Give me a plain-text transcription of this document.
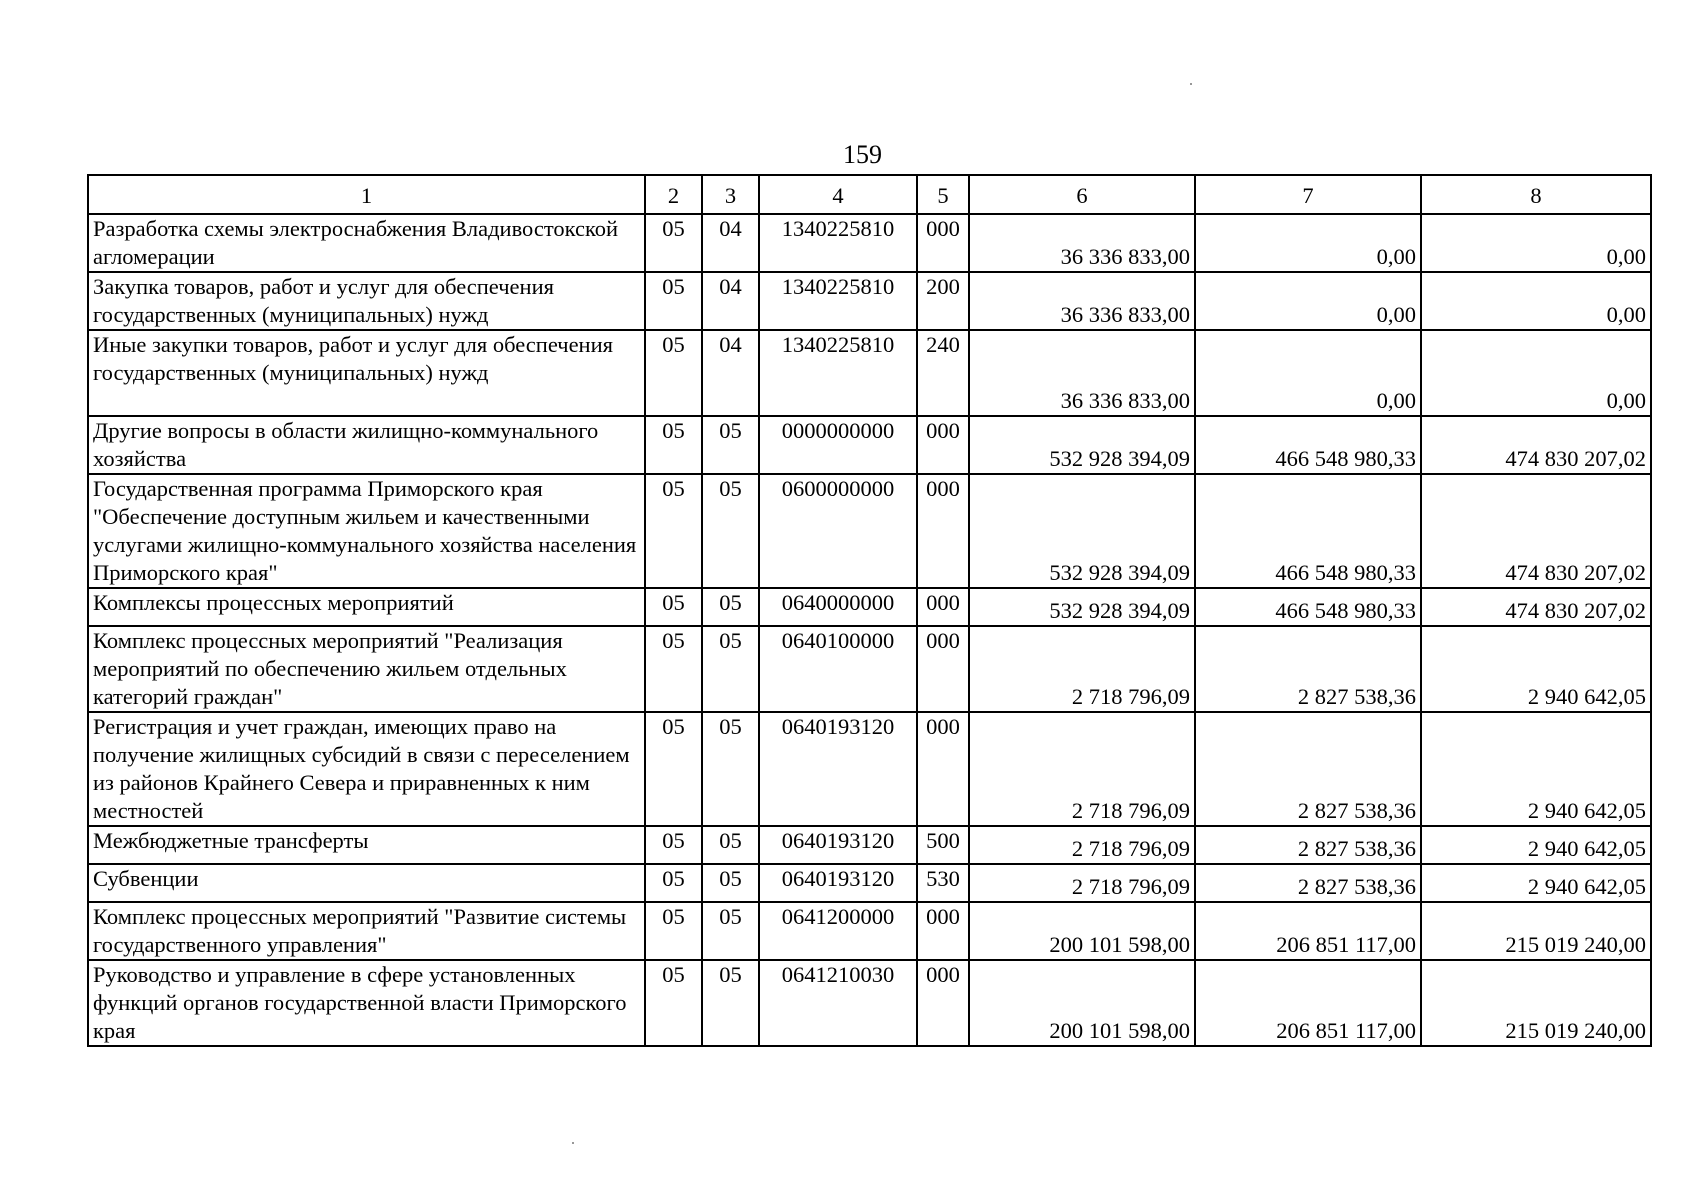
159
1	2	3	4	5	6	7	8
Разработка схемы электроснабжения Владивостокской агломерации	05	04	1340225810	000	36 336 833,00	0,00	0,00
Закупка товаров, работ и услуг для обеспечения государственных (муниципальных) нужд	05	04	1340225810	200	36 336 833,00	0,00	0,00
Иные закупки товаров, работ и услуг для обеспечения государственных (муниципальных) нужд	05	04	1340225810	240	36 336 833,00	0,00	0,00
Другие вопросы в области жилищно-коммунального хозяйства	05	05	0000000000	000	532 928 394,09	466 548 980,33	474 830 207,02
Государственная программа Приморского края "Обеспечение доступным жильем и качественными услугами жилищно-коммунального хозяйства населения Приморского края"	05	05	0600000000	000	532 928 394,09	466 548 980,33	474 830 207,02
Комплексы процессных мероприятий	05	05	0640000000	000	532 928 394,09	466 548 980,33	474 830 207,02
Комплекс процессных мероприятий "Реализация мероприятий по обеспечению жильем отдельных категорий граждан"	05	05	0640100000	000	2 718 796,09	2 827 538,36	2 940 642,05
Регистрация и учет граждан, имеющих право на получение жилищных субсидий в связи с переселением из районов Крайнего Севера и приравненных к ним местностей	05	05	0640193120	000	2 718 796,09	2 827 538,36	2 940 642,05
Межбюджетные трансферты	05	05	0640193120	500	2 718 796,09	2 827 538,36	2 940 642,05
Субвенции	05	05	0640193120	530	2 718 796,09	2 827 538,36	2 940 642,05
Комплекс процессных мероприятий "Развитие системы государственного управления"	05	05	0641200000	000	200 101 598,00	206 851 117,00	215 019 240,00
Руководство и управление в сфере установленных функций органов государственной власти Приморского края	05	05	0641210030	000	200 101 598,00	206 851 117,00	215 019 240,00
